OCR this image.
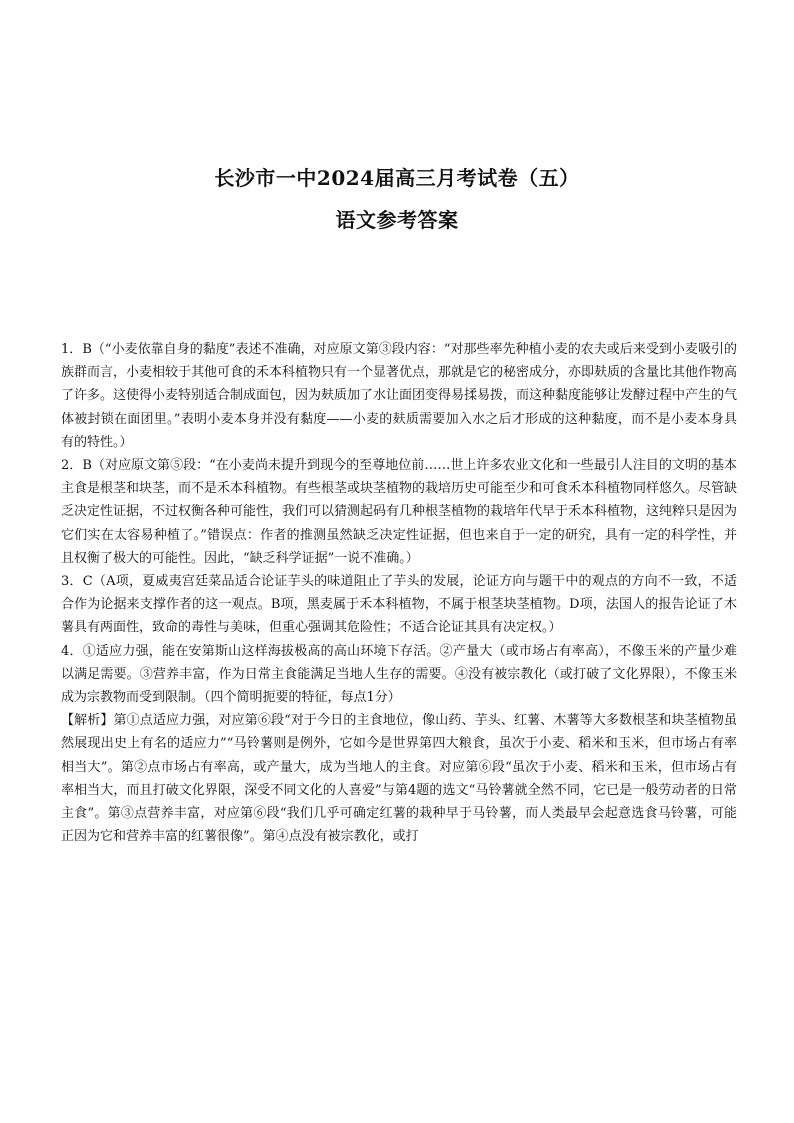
长沙市一中2024届高三月考试卷（五）
语文参考答案

1．B（“小麦依靠自身的黏度”表述不准确，对应原文第③段内容：“对那些率先种植小麦的农夫或后来受到小麦吸引的族群而言，小麦相较于其他可食的禾本科植物只有一个显著优点，那就是它的秘密成分，亦即麸质的含量比其他作物高了许多。这使得小麦特别适合制成面包，因为麸质加了水让面团变得易揉易拨，而这种黏度能够让发酵过程中产生的气体被封锁在面团里。”表明小麦本身并没有黏度——小麦的麸质需要加入水之后才形成的这种黏度，而不是小麦本身具有的特性。）

2．B（对应原文第⑤段：“在小麦尚未提升到现今的至尊地位前……世上许多农业文化和一些最引人注目的文明的基本主食是根茎和块茎，而不是禾本科植物。有些根茎或块茎植物的栽培历史可能至少和可食禾本科植物同样悠久。尽管缺乏决定性证据，不过权衡各种可能性，我们可以猜测起码有几种根茎植物的栽培年代早于禾本科植物，这纯粹只是因为它们实在太容易种植了。”错误点：作者的推测虽然缺乏决定性证据，但也来自于一定的研究，具有一定的科学性，并且权衡了极大的可能性。因此，“缺乏科学证据”一说不准确。）

3．C（A项，夏威夷宫廷菜品适合论证芋头的味道阻止了芋头的发展，论证方向与题干中的观点的方向不一致，不适合作为论据来支撑作者的这一观点。B项，黑麦属于禾本科植物，不属于根茎块茎植物。D项，法国人的报告论证了木薯具有两面性，致命的毒性与美味，但重心强调其危险性；不适合论证其具有决定权。）

4．①适应力强，能在安第斯山这样海拔极高的高山环境下存活。②产量大（或市场占有率高），不像玉米的产量少难以满足需要。③营养丰富，作为日常主食能满足当地人生存的需要。④没有被宗教化（或打破了文化界限），不像玉米成为宗教物而受到限制。（四个简明扼要的特征，每点1分）

【解析】第①点适应力强，对应第⑥段“对于今日的主食地位，像山药、芋头、红薯、木薯等大多数根茎和块茎植物虽然展现出史上有名的适应力”“马铃薯则是例外，它如今是世界第四大粮食，虽次于小麦、稻米和玉米，但市场占有率相当大”。第②点市场占有率高，或产量大，成为当地人的主食。对应第⑥段“虽次于小麦、稻米和玉米，但市场占有率相当大，而且打破文化界限，深受不同文化的人喜爱”与第4题的选文“马铃薯就全然不同，它已是一般劳动者的日常主食”。第③点营养丰富，对应第⑥段“我们几乎可确定红薯的栽种早于马铃薯，而人类最早会起意选食马铃薯，可能正因为它和营养丰富的红薯很像”。第④点没有被宗教化，或打
